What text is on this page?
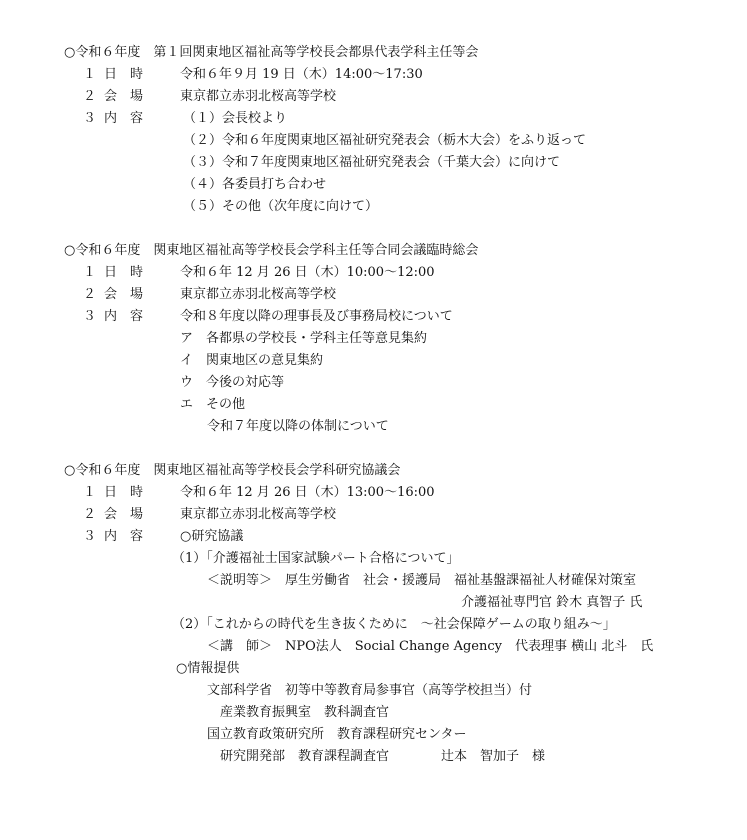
○令和６年度　第１回関東地区福祉高等学校長会都県代表学科主任等会
１ 日　時	令和６年９月 19 日（木）14:00～17:30
２ 会　場	東京都立赤羽北桜高等学校
３ 内　容	（１）会長校より
（２）令和６年度関東地区福祉研究発表会（栃木大会）をふり返って
（３）令和７年度関東地区福祉研究発表会（千葉大会）に向けて
（４）各委員打ち合わせ
（５）その他（次年度に向けて）
○令和６年度　関東地区福祉高等学校長会学科主任等合同会議臨時総会
１ 日　時	令和６年 12 月 26 日（木）10:00～12:00
２ 会　場	東京都立赤羽北桜高等学校
３ 内　容	令和８年度以降の理事長及び事務局校について
ア　各都県の学校長・学科主任等意見集約
イ　関東地区の意見集約
ウ　今後の対応等
エ　その他
令和７年度以降の体制について
○令和６年度　関東地区福祉高等学校長会学科研究協議会
１ 日　時	令和６年 12 月 26 日（木）13:00～16:00
２ 会　場	東京都立赤羽北桜高等学校
３ 内　容	○研究協議
（1）「介護福祉士国家試験パート合格について」
＜説明等＞　厚生労働省　社会・援護局　福祉基盤課福祉人材確保対策室
介護福祉専門官 鈴木 真智子 氏
（2）「これからの時代を生き抜くために　～社会保障ゲームの取り組み～」
＜講　師＞　NPO法人　Social Change Agency　代表理事 横山 北斗　氏
○情報提供
文部科学省　初等中等教育局参事官（高等学校担当）付
産業教育振興室　教科調査官
国立教育政策研究所　教育課程研究センター
研究開発部　教育課程調査官　　　　辻本　智加子　様
